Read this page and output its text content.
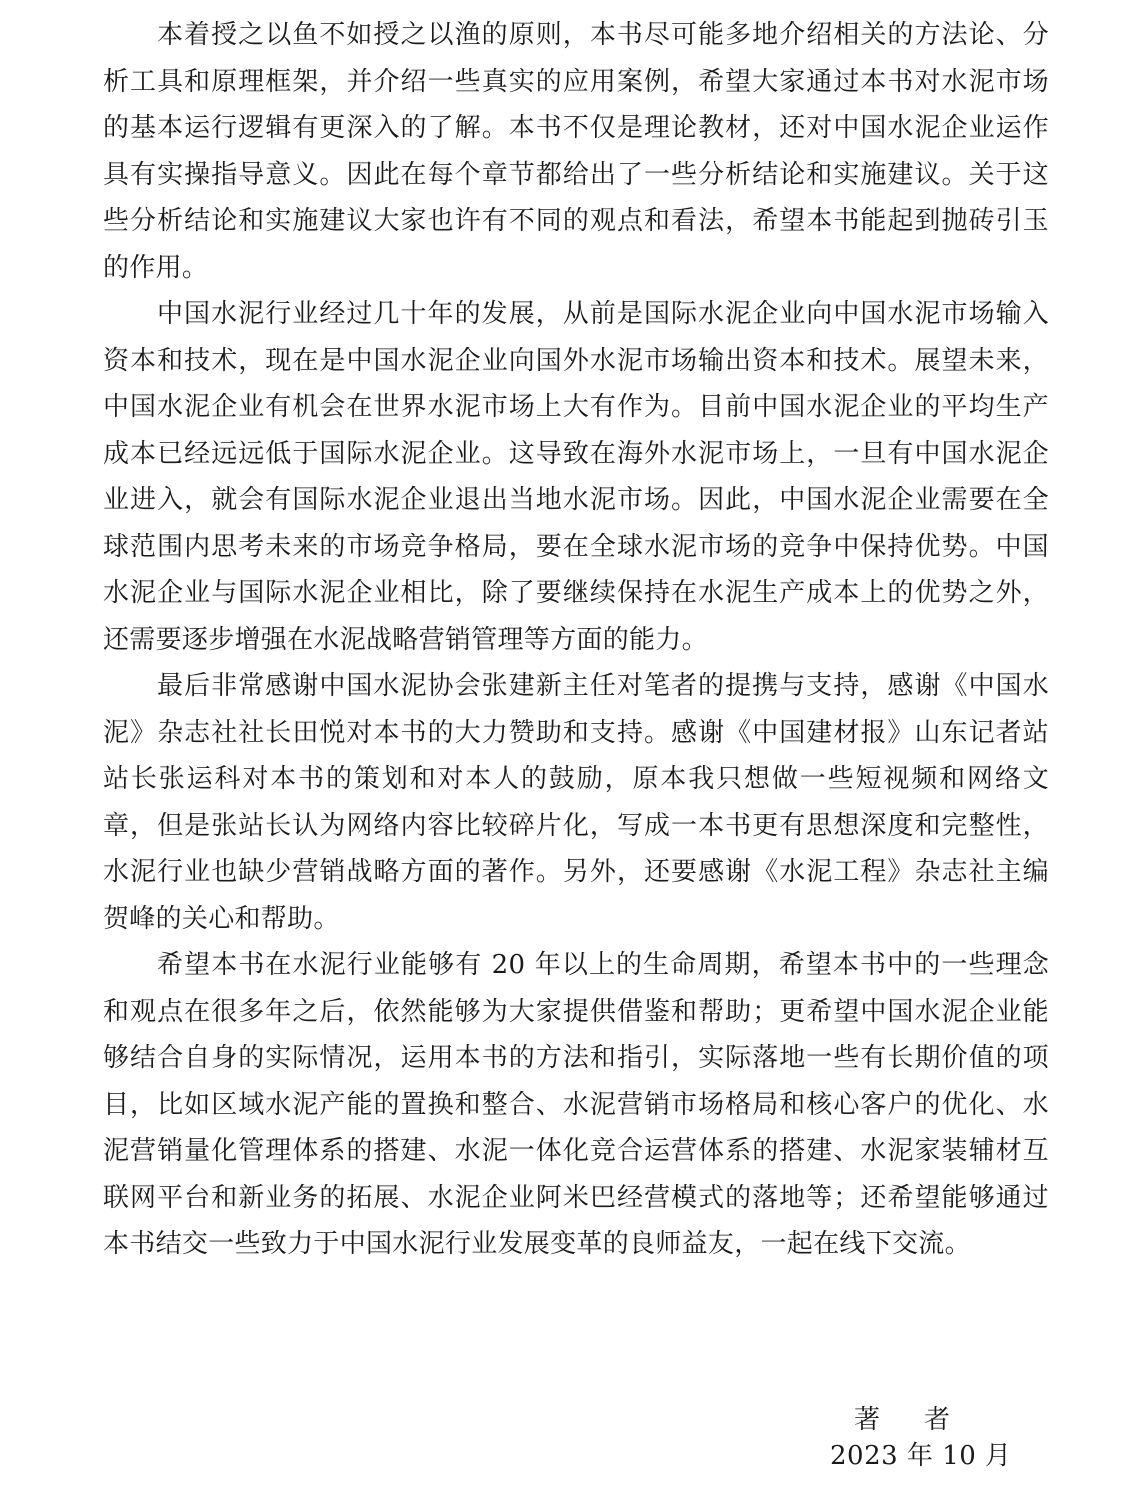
本着授之以鱼不如授之以渔的原则，本书尽可能多地介绍相关的方法论、分析工具和原理框架，并介绍一些真实的应用案例，希望大家通过本书对水泥市场的基本运行逻辑有更深入的了解。本书不仅是理论教材，还对中国水泥企业运作具有实操指导意义。因此在每个章节都给出了一些分析结论和实施建议。关于这些分析结论和实施建议大家也许有不同的观点和看法，希望本书能起到抛砖引玉的作用。

中国水泥行业经过几十年的发展，从前是国际水泥企业向中国水泥市场输入资本和技术，现在是中国水泥企业向国外水泥市场输出资本和技术。展望未来，中国水泥企业有机会在世界水泥市场上大有作为。目前中国水泥企业的平均生产成本已经远远低于国际水泥企业。这导致在海外水泥市场上，一旦有中国水泥企业进入，就会有国际水泥企业退出当地水泥市场。因此，中国水泥企业需要在全球范围内思考未来的市场竞争格局，要在全球水泥市场的竞争中保持优势。中国水泥企业与国际水泥企业相比，除了要继续保持在水泥生产成本上的优势之外，还需要逐步增强在水泥战略营销管理等方面的能力。

最后非常感谢中国水泥协会张建新主任对笔者的提携与支持，感谢《中国水泥》杂志社社长田悦对本书的大力赞助和支持。感谢《中国建材报》山东记者站站长张运科对本书的策划和对本人的鼓励，原本我只想做一些短视频和网络文章，但是张站长认为网络内容比较碎片化，写成一本书更有思想深度和完整性，水泥行业也缺少营销战略方面的著作。另外，还要感谢《水泥工程》杂志社主编贺峰的关心和帮助。

希望本书在水泥行业能够有 20 年以上的生命周期，希望本书中的一些理念和观点在很多年之后，依然能够为大家提供借鉴和帮助；更希望中国水泥企业能够结合自身的实际情况，运用本书的方法和指引，实际落地一些有长期价值的项目，比如区域水泥产能的置换和整合、水泥营销市场格局和核心客户的优化、水泥营销量化管理体系的搭建、水泥一体化竞合运营体系的搭建、水泥家装辅材互联网平台和新业务的拓展、水泥企业阿米巴经营模式的落地等；还希望能够通过本书结交一些致力于中国水泥行业发展变革的良师益友，一起在线下交流。

著者
2023 年 10 月
